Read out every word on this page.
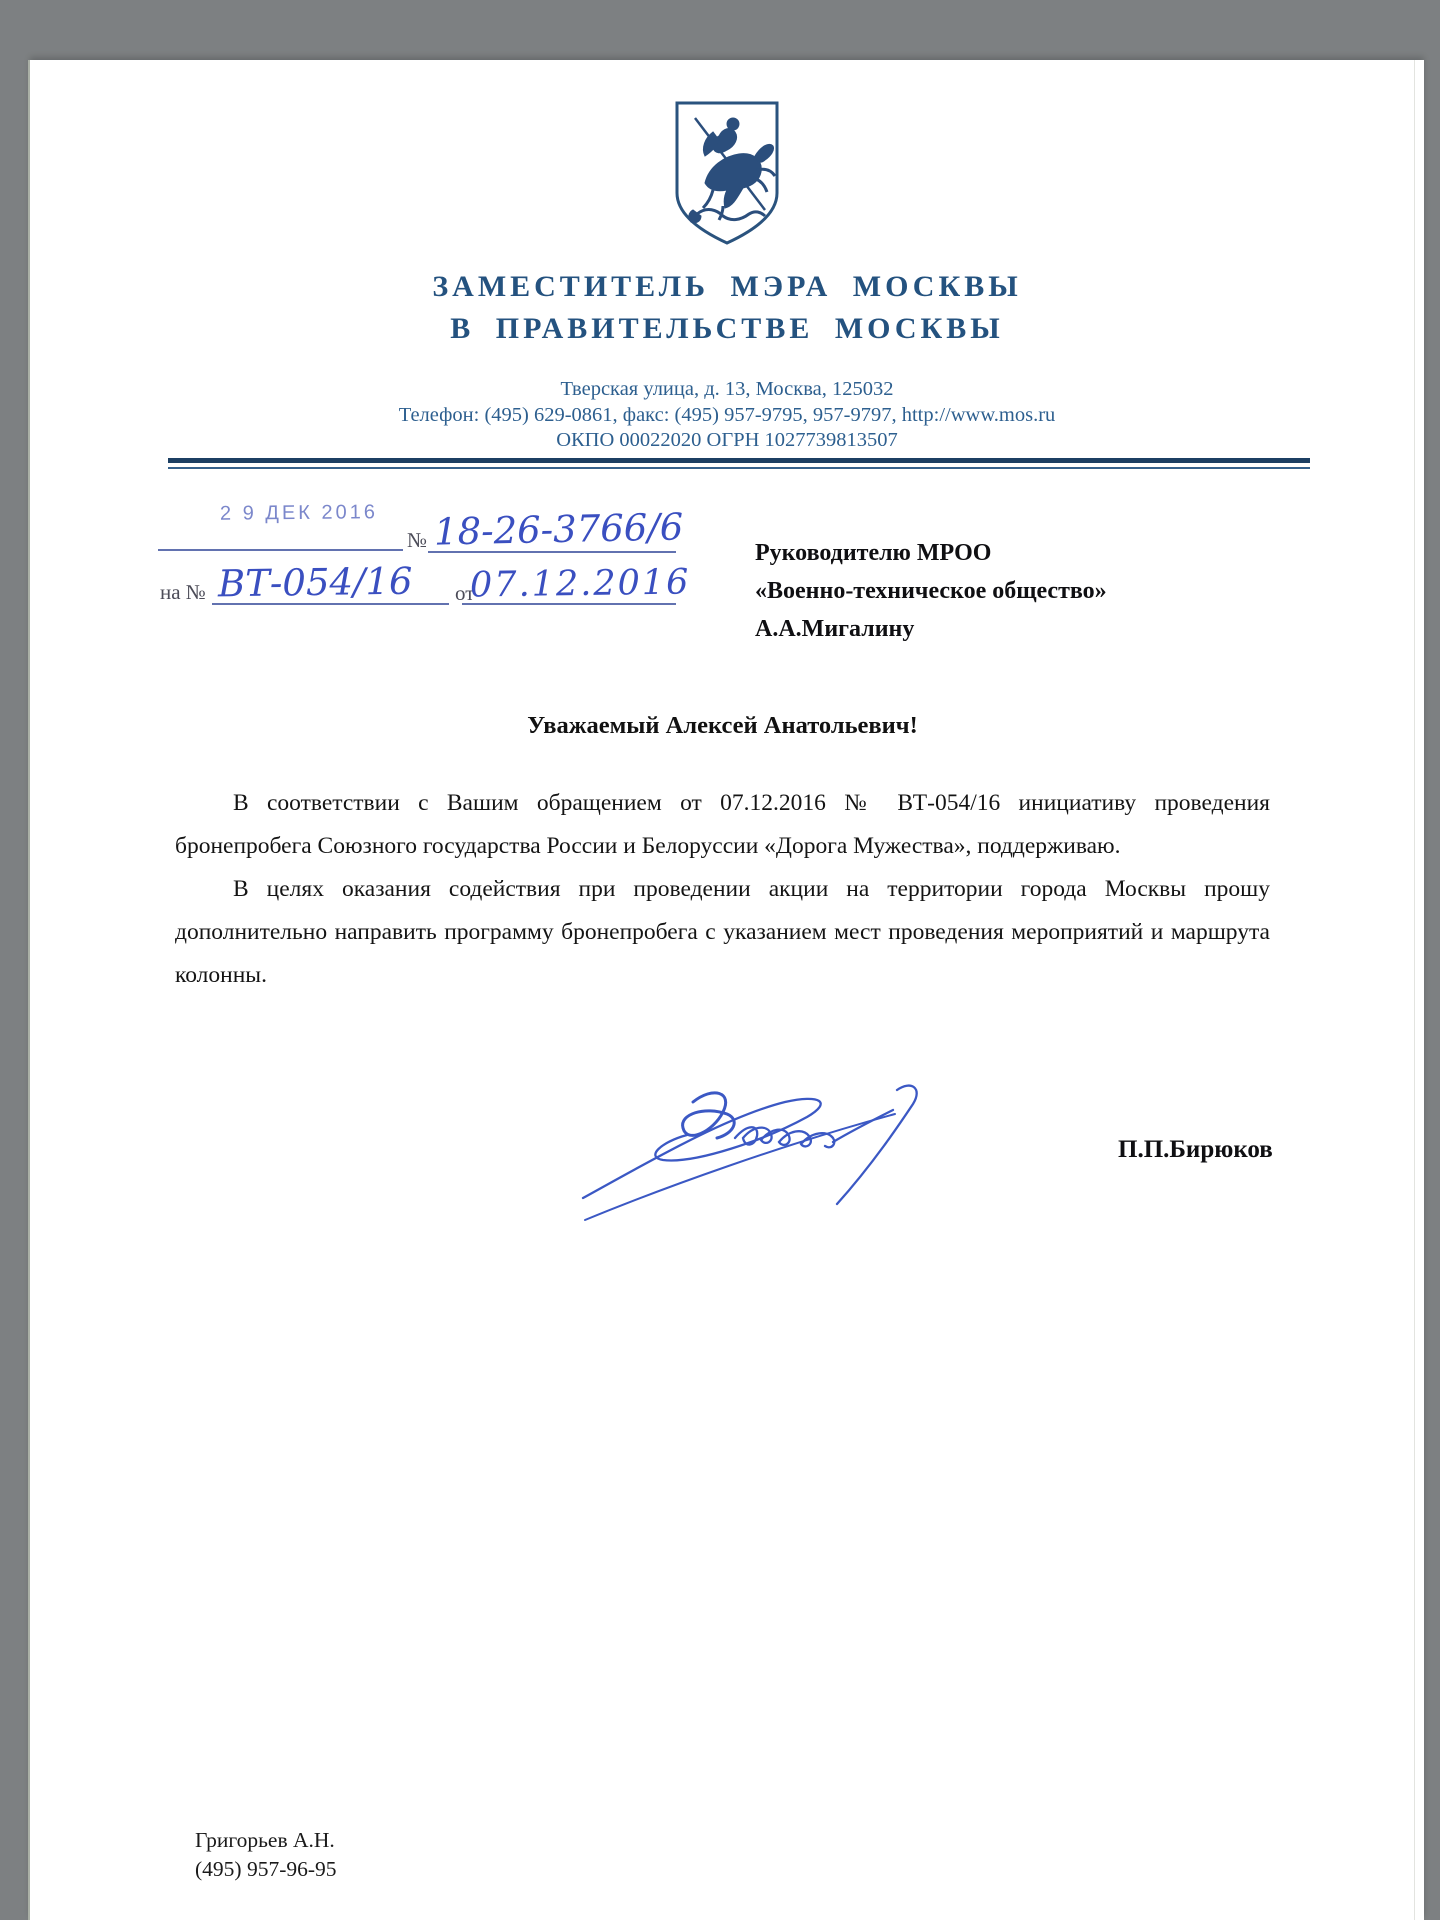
ЗАМЕСТИТЕЛЬ МЭРА МОСКВЫ
В ПРАВИТЕЛЬСТВЕ МОСКВЫ
Тверская улица, д. 13, Москва, 125032
Телефон: (495) 629-0861, факс: (495) 957-9795, 957-9797, http://www.mos.ru
ОКПО 00022020 ОГРН 1027739813507
2 9 ДЕК 2016
№ 18-26-3766/6
на № ВТ-054/16 от
07.12.2016
Руководителю МРОО
«Военно-техническое общество»
А.А.Мигалину
Уважаемый Алексей Анатольевич!

В соответствии с Вашим обращением от 07.12.2016 № ВТ-054/16 инициативу проведения бронепробега Союзного государства России и Белоруссии «Дорога Мужества», поддерживаю.

В целях оказания содействия при проведении акции на территории города Москвы прошу дополнительно направить программу бронепробега с указанием мест проведения мероприятий и маршрута колонны.

П.П.Бирюков
Григорьев А.Н.
(495) 957-96-95
